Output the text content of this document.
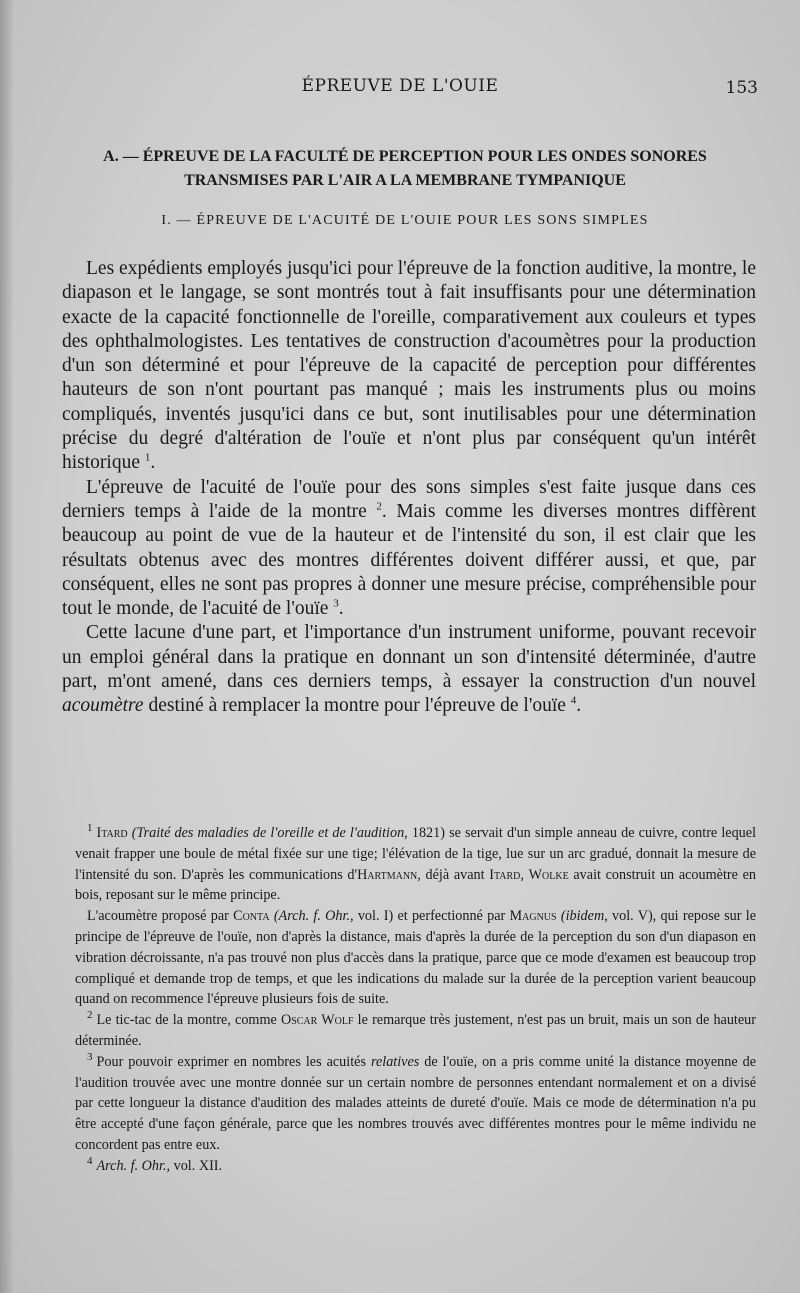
ÉPREUVE DE L'OUIE	153
A. — ÉPREUVE DE LA FACULTÉ DE PERCEPTION POUR LES ONDES SONORES
TRANSMISES PAR L'AIR A LA MEMBRANE TYMPANIQUE
I. — ÉPREUVE DE L'ACUITÉ DE L'OUIE POUR LES SONS SIMPLES

Les expédients employés jusqu'ici pour l'épreuve de la fonction auditive, la montre, le diapason et le langage, se sont montrés tout à fait insuffisants pour une détermination exacte de la capacité fonctionnelle de l'oreille, comparativement aux couleurs et types des ophthalmologistes. Les tentatives de construction d'acoumètres pour la production d'un son déterminé et pour l'épreuve de la capacité de perception pour différentes hauteurs de son n'ont pourtant pas manqué ; mais les instruments plus ou moins compliqués, inventés jusqu'ici dans ce but, sont inutilisables pour une détermination précise du degré d'altération de l'ouïe et n'ont plus par conséquent qu'un intérêt historique $^1$.

L'épreuve de l'acuité de l'ouïe pour des sons simples s'est faite jusque dans ces derniers temps à l'aide de la montre $^2$. Mais comme les diverses montres diffèrent beaucoup au point de vue de la hauteur et de l'intensité du son, il est clair que les résultats obtenus avec des montres différentes doivent différer aussi, et que, par conséquent, elles ne sont pas propres à donner une mesure précise, compréhensible pour tout le monde, de l'acuité de l'ouïe $^3$.

Cette lacune d'une part, et l'importance d'un instrument uniforme, pouvant recevoir un emploi général dans la pratique en donnant un son d'intensité déterminée, d'autre part, m'ont amené, dans ces derniers temps, à essayer la construction d'un nouvel acoumètre destiné à remplacer la montre pour l'épreuve de l'ouïe $^4$.

$^1$ Itard (Traité des maladies de l'oreille et de l'audition, 1821) se servait d'un simple anneau de cuivre, contre lequel venait frapper une boule de métal fixée sur une tige; l'élévation de la tige, lue sur un arc gradué, donnait la mesure de l'intensité du son. D'après les communications d'Hartmann, déjà avant Itard, Wolke avait construit un acoumètre en bois, reposant sur le même principe.

L'acoumètre proposé par Conta (Arch. f. Ohr., vol. I) et perfectionné par Magnus (ibidem, vol. V), qui repose sur le principe de l'épreuve de l'ouïe, non d'après la distance, mais d'après la durée de la perception du son d'un diapason en vibration décroissante, n'a pas trouvé non plus d'accès dans la pratique, parce que ce mode d'examen est beaucoup trop compliqué et demande trop de temps, et que les indications du malade sur la durée de la perception varient beaucoup quand on recommence l'épreuve plusieurs fois de suite.

$^2$ Le tic-tac de la montre, comme Oscar Wolf le remarque très justement, n'est pas un bruit, mais un son de hauteur déterminée.

$^3$ Pour pouvoir exprimer en nombres les acuités relatives de l'ouïe, on a pris comme unité la distance moyenne de l'audition trouvée avec une montre donnée sur un certain nombre de personnes entendant normalement et on a divisé par cette longueur la distance d'audition des malades atteints de dureté d'ouïe. Mais ce mode de détermination n'a pu être accepté d'une façon générale, parce que les nombres trouvés avec différentes montres pour le même individu ne concordent pas entre eux.

$^4$ Arch. f. Ohr., vol. XII.
